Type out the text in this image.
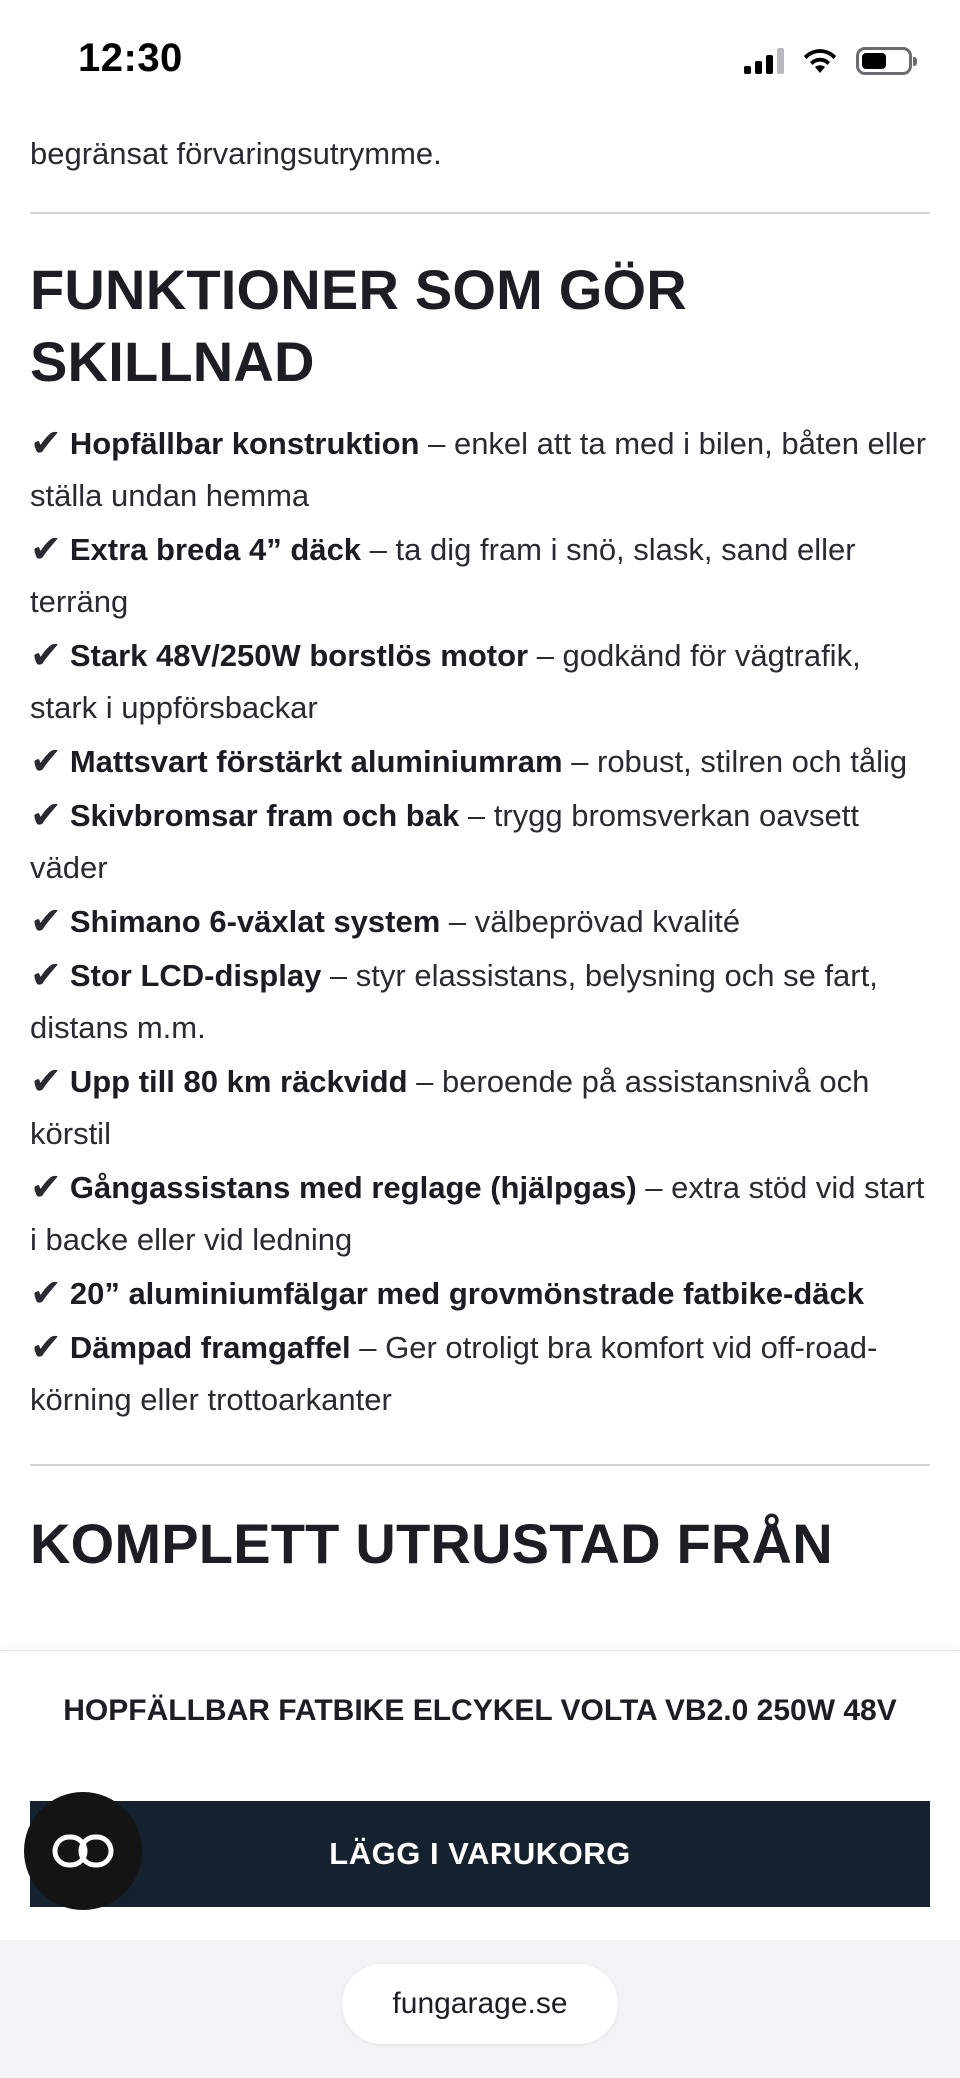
12:30

begränsat förvaringsutrymme.

FUNKTIONER SOM GÖR SKILLNAD
✔ Hopfällbar konstruktion – enkel att ta med i bilen, båten eller ställa undan hemma
✔ Extra breda 4” däck – ta dig fram i snö, slask, sand eller terräng
✔ Stark 48V/250W borstlös motor – godkänd för vägtrafik, stark i uppförsbackar
✔ Mattsvart förstärkt aluminiumram – robust, stilren och tålig
✔ Skivbromsar fram och bak – trygg bromsverkan oavsett väder
✔ Shimano 6-växlat system – välbeprövad kvalité
✔ Stor LCD-display – styr elassistans, belysning och se fart, distans m.m.
✔ Upp till 80 km räckvidd – beroende på assistansnivå och körstil
✔ Gångassistans med reglage (hjälpgas) – extra stöd vid start i backe eller vid ledning
✔ 20” aluminiumfälgar med grovmönstrade fatbike-däck
✔ Dämpad framgaffel – Ger otroligt bra komfort vid off-road-körning eller trottoarkanter
KOMPLETT UTRUSTAD FRÅN
HOPFÄLLBAR FATBIKE ELCYKEL VOLTA VB2.0 250W 48V
LÄGG I VARUKORG
fungarage.se
